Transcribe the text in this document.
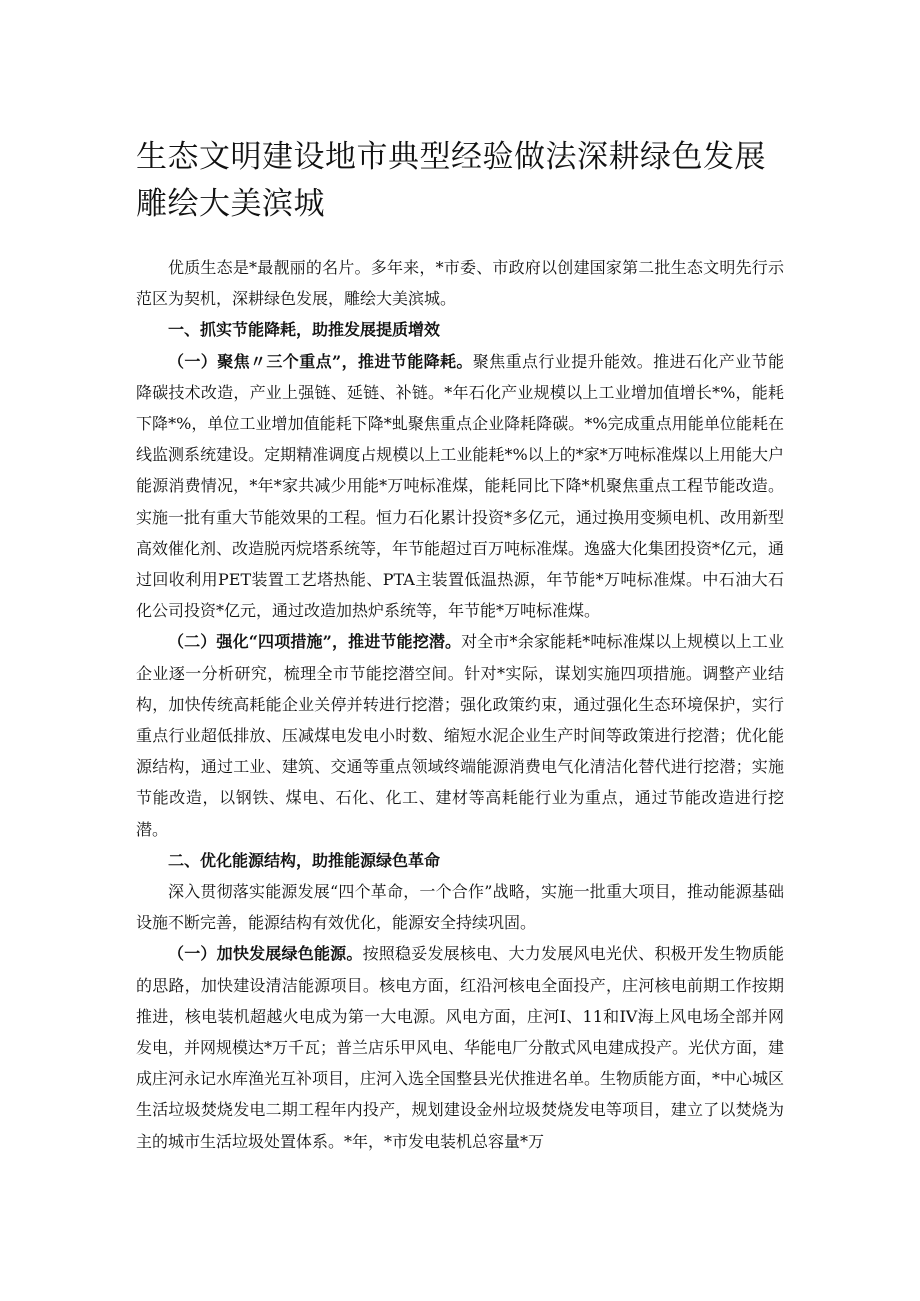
生态文明建设地市典型经验做法深耕绿色发展雕绘大美滨城

优质生态是*最靓丽的名片。多年来，*市委、市政府以创建国家第二批生态文明先行示范区为契机，深耕绿色发展，雕绘大美滨城。

一、抓实节能降耗，助推发展提质增效

（一）聚焦〃三个重点”，推进节能降耗。聚焦重点行业提升能效。推进石化产业节能降碳技术改造，产业上强链、延链、补链。*年石化产业规模以上工业增加值增长*%，能耗下降*%，单位工业增加值能耗下降*虬聚焦重点企业降耗降碳。*%完成重点用能单位能耗在线监测系统建设。定期精准调度占规模以上工业能耗*%以上的*家*万吨标准煤以上用能大户能源消费情况，*年*家共减少用能*万吨标准煤，能耗同比下降*机聚焦重点工程节能改造。实施一批有重大节能效果的工程。恒力石化累计投资*多亿元，通过换用变频电机、改用新型高效催化剂、改造脱丙烷塔系统等，年节能超过百万吨标准煤。逸盛大化集团投资*亿元，通过回收利用PET装置工艺塔热能、PTA主装置低温热源，年节能*万吨标准煤。中石油大石化公司投资*亿元，通过改造加热炉系统等，年节能*万吨标准煤。

（二）强化“四项措施”，推进节能挖潜。对全市*余家能耗*吨标准煤以上规模以上工业企业逐一分析研究，梳理全市节能挖潜空间。针对*实际，谋划实施四项措施。调整产业结构，加快传统高耗能企业关停并转进行挖潜；强化政策约束，通过强化生态环境保护，实行重点行业超低排放、压减煤电发电小时数、缩短水泥企业生产时间等政策进行挖潜；优化能源结构，通过工业、建筑、交通等重点领域终端能源消费电气化清洁化替代进行挖潜；实施节能改造，以钢铁、煤电、石化、化工、建材等高耗能行业为重点，通过节能改造进行挖潜。

二、优化能源结构，助推能源绿色革命

深入贯彻落实能源发展“四个革命，一个合作”战略，实施一批重大项目，推动能源基础设施不断完善，能源结构有效优化，能源安全持续巩固。

（一）加快发展绿色能源。按照稳妥发展核电、大力发展风电光伏、积极开发生物质能的思路，加快建设清洁能源项目。核电方面，红沿河核电全面投产，庄河核电前期工作按期推进，核电装机超越火电成为第一大电源。风电方面，庄河I、11和IV海上风电场全部并网发电，并网规模达*万千瓦；普兰店乐甲风电、华能电厂分散式风电建成投产。光伏方面，建成庄河永记水库渔光互补项目，庄河入选全国整县光伏推进名单。生物质能方面，*中心城区生活垃圾焚烧发电二期工程年内投产，规划建设金州垃圾焚烧发电等项目，建立了以焚烧为主的城市生活垃圾处置体系。*年，*市发电装机总容量*万
